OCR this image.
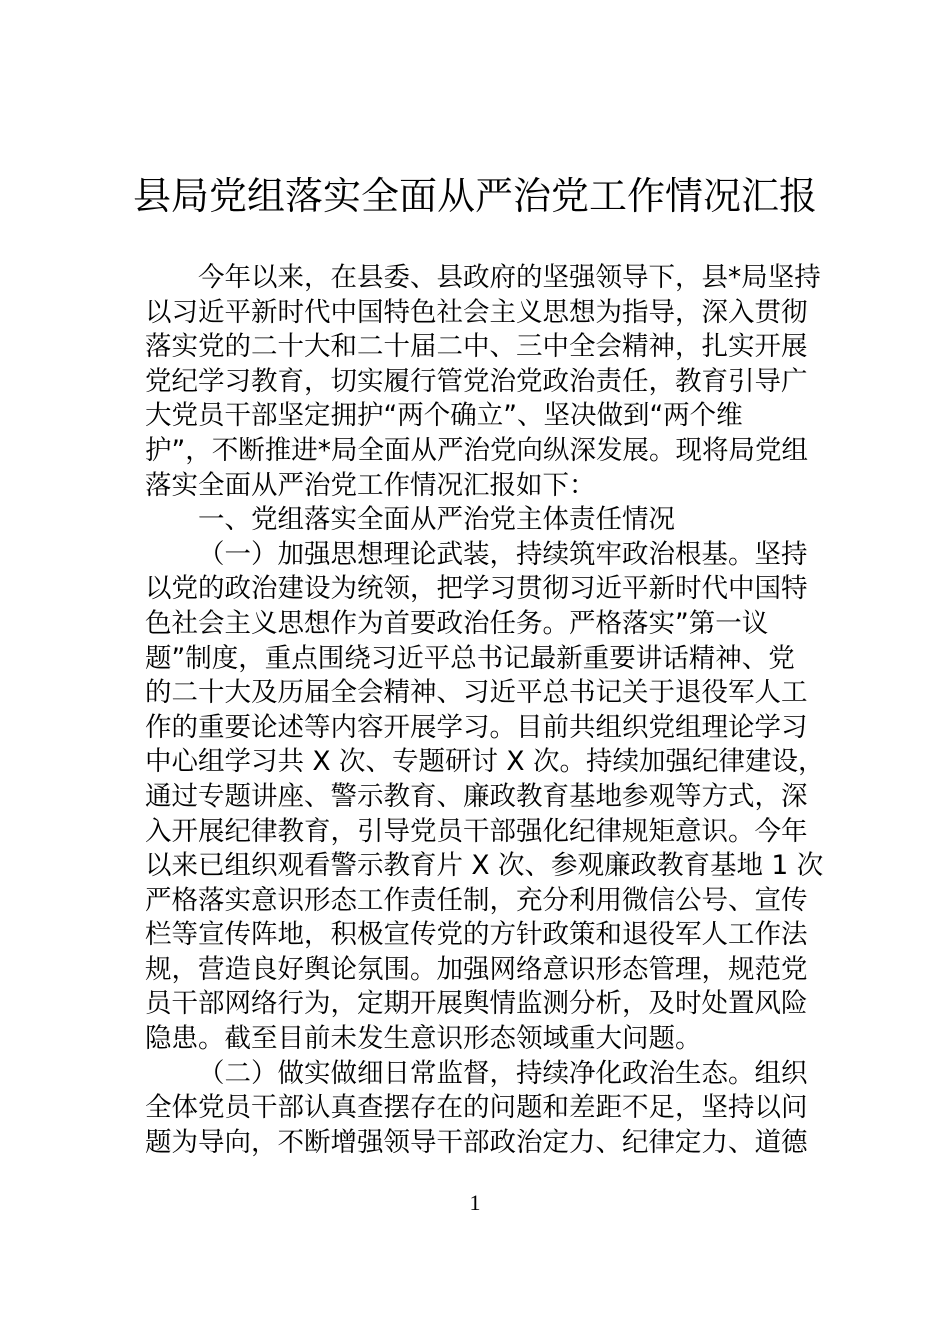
县局党组落实全面从严治党工作情况汇报
今年以来，在县委、县政府的坚强领导下，县*局坚持
以习近平新时代中国特色社会主义思想为指导，深入贯彻
落实党的二十大和二十届二中、三中全会精神，扎实开展
党纪学习教育，切实履行管党治党政治责任，教育引导广
大党员干部坚定拥护“两个确立”、坚决做到“两个维
护”，不断推进*局全面从严治党向纵深发展。现将局党组
落实全面从严治党工作情况汇报如下：
一、党组落实全面从严治党主体责任情况
（一）加强思想理论武装，持续筑牢政治根基。坚持
以党的政治建设为统领，把学习贯彻习近平新时代中国特
色社会主义思想作为首要政治任务。严格落实”第一议
题”制度，重点围绕习近平总书记最新重要讲话精神、党
的二十大及历届全会精神、习近平总书记关于退役军人工
作的重要论述等内容开展学习。目前共组织党组理论学习
中心组学习共 X 次、专题研讨 X 次。持续加强纪律建设，
通过专题讲座、警示教育、廉政教育基地参观等方式，深
入开展纪律教育，引导党员干部强化纪律规矩意识。今年
以来已组织观看警示教育片 X 次、参观廉政教育基地 1 次
严格落实意识形态工作责任制，充分利用微信公号、宣传
栏等宣传阵地，积极宣传党的方针政策和退役军人工作法
规，营造良好舆论氛围。加强网络意识形态管理，规范党
员干部网络行为，定期开展舆情监测分析，及时处置风险
隐患。截至目前未发生意识形态领域重大问题。
（二）做实做细日常监督，持续净化政治生态。组织
全体党员干部认真查摆存在的问题和差距不足，坚持以问
题为导向，不断增强领导干部政治定力、纪律定力、道德
1
